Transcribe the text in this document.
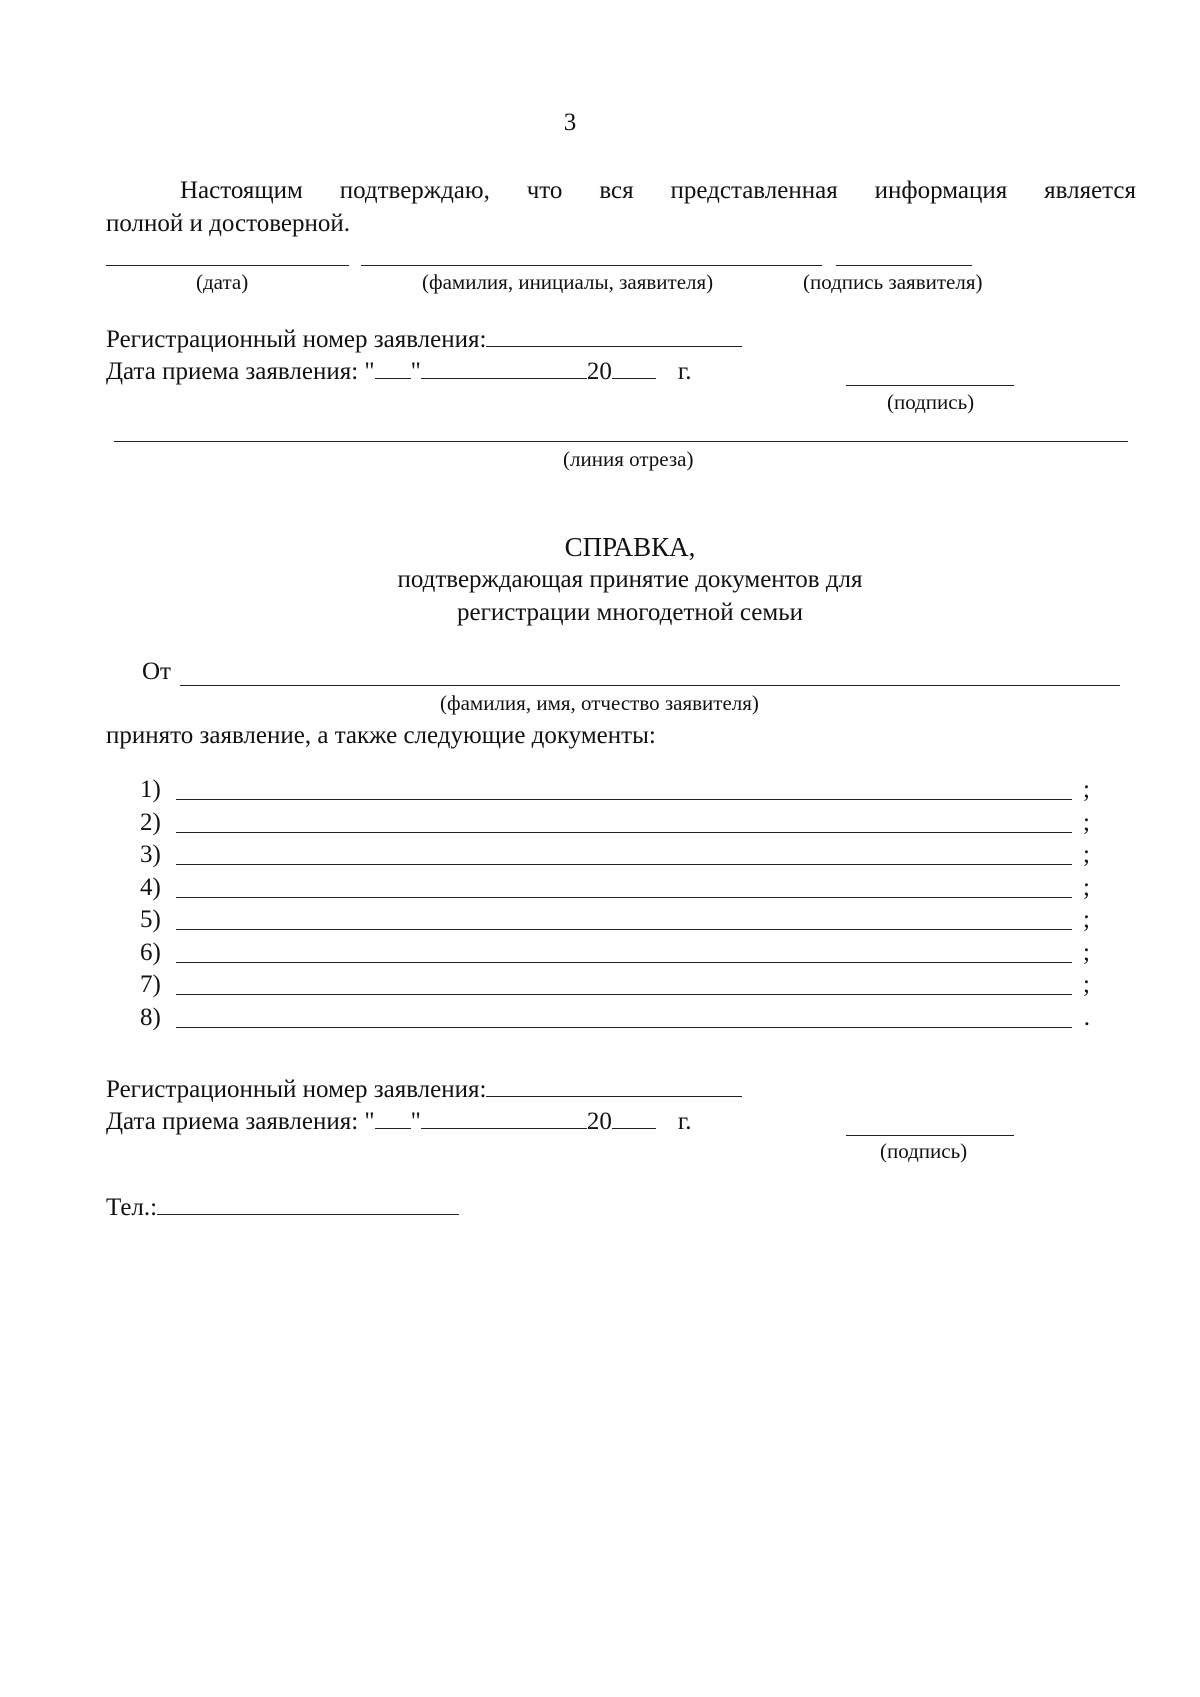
3
Настоящим подтверждаю, что вся представленная информация является
полной и достоверной.
(дата)	(фамилия, инициалы, заявителя)	(подпись заявителя)
Регистрационный номер заявления:
Дата приема заявления: " "	20	г.
(подпись)
(линия отреза)
СПРАВКА,
подтверждающая принятие документов для
регистрации многодетной семьи
От
(фамилия, имя, отчество заявителя)
принято заявление, а также следующие документы:
1)	;
2)	;
3)	;
4)	;
5)	;
6)	;
7)	;
8)	.
Регистрационный номер заявления:
Дата приема заявления: " "	20	г.
(подпись)
Тел.:
